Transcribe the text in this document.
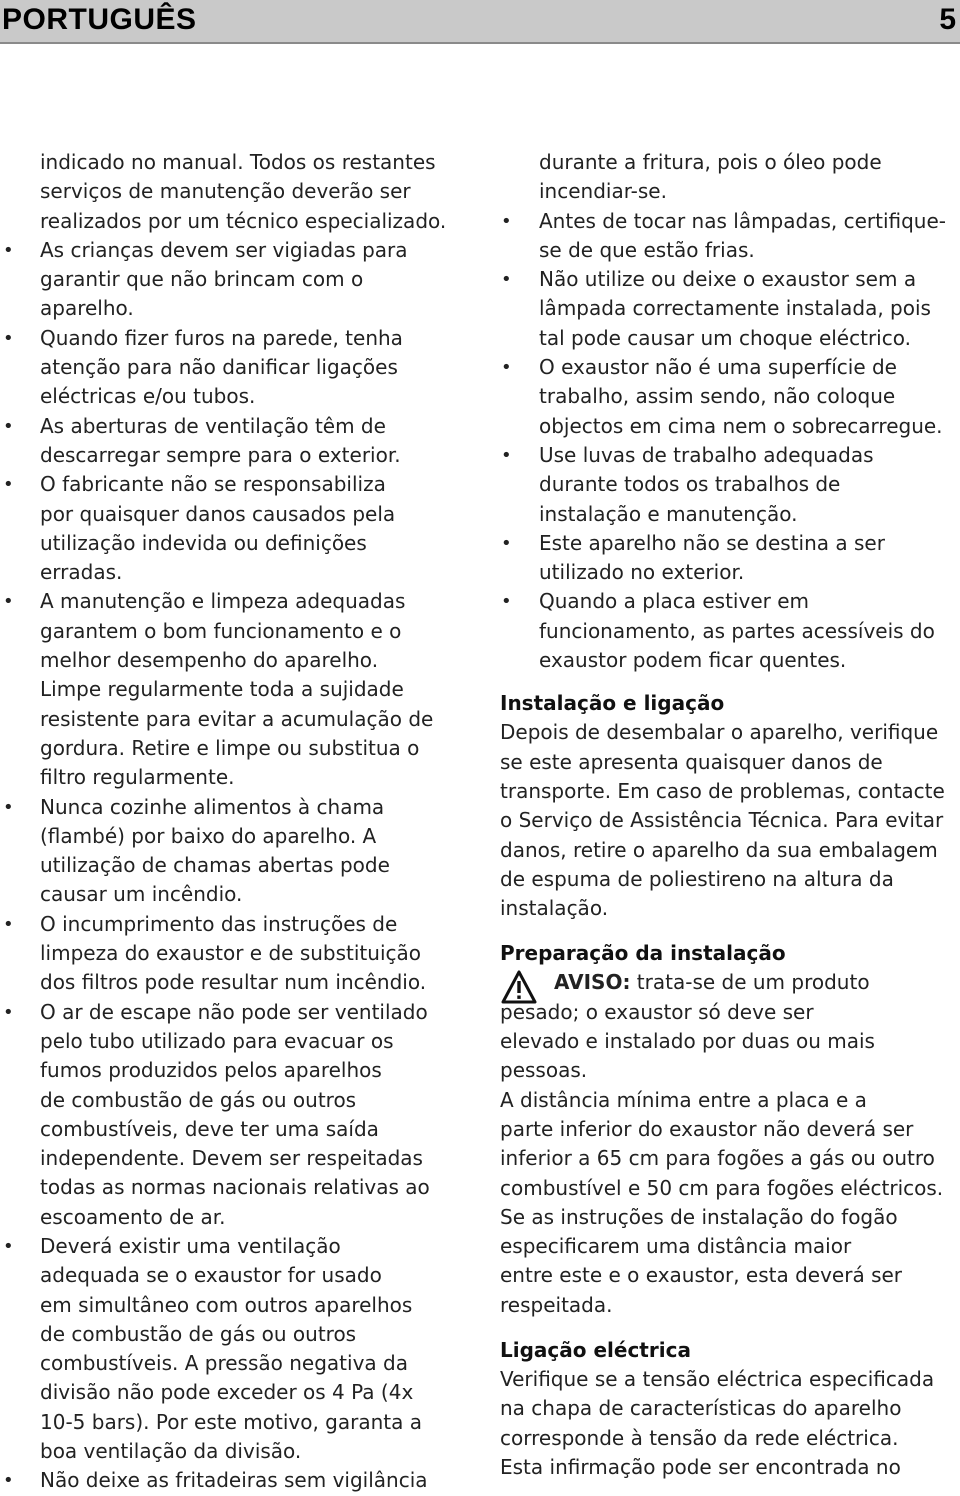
PORTUGUÊS	5
indicado no manual. Todos os restantes
serviços de manutenção deverão ser
realizados por um técnico especializado.
• As crianças devem ser vigiadas para
garantir que não brincam com o
aparelho.
• Quando fizer furos na parede, tenha
atenção para não danificar ligações
eléctricas e/ou tubos.
• As aberturas de ventilação têm de
descarregar sempre para o exterior.
• O fabricante não se responsabiliza
por quaisquer danos causados pela
utilização indevida ou definições
erradas.
• A manutenção e limpeza adequadas
garantem o bom funcionamento e o
melhor desempenho do aparelho.
Limpe regularmente toda a sujidade
resistente para evitar a acumulação de
gordura. Retire e limpe ou substitua o
filtro regularmente.
• Nunca cozinhe alimentos à chama
(flambé) por baixo do aparelho. A
utilização de chamas abertas pode
causar um incêndio.
• O incumprimento das instruções de
limpeza do exaustor e de substituição
dos filtros pode resultar num incêndio.
• O ar de escape não pode ser ventilado
pelo tubo utilizado para evacuar os
fumos produzidos pelos aparelhos
de combustão de gás ou outros
combustíveis, deve ter uma saída
independente. Devem ser respeitadas
todas as normas nacionais relativas ao
escoamento de ar.
• Deverá existir uma ventilação
adequada se o exaustor for usado
em simultâneo com outros aparelhos
de combustão de gás ou outros
combustíveis. A pressão negativa da
divisão não pode exceder os 4 Pa (4x
10-5 bars). Por este motivo, garanta a
boa ventilação da divisão.
• Não deixe as fritadeiras sem vigilância
durante a fritura, pois o óleo pode
incendiar-se.
• Antes de tocar nas lâmpadas, certifique-
se de que estão frias.
• Não utilize ou deixe o exaustor sem a
lâmpada correctamente instalada, pois
tal pode causar um choque eléctrico.
• O exaustor não é uma superfície de
trabalho, assim sendo, não coloque
objectos em cima nem o sobrecarregue.
• Use luvas de trabalho adequadas
durante todos os trabalhos de
instalação e manutenção.
• Este aparelho não se destina a ser
utilizado no exterior.
• Quando a placa estiver em
funcionamento, as partes acessíveis do
exaustor podem ficar quentes.
Instalação e ligação
Depois de desembalar o aparelho, verifique
se este apresenta quaisquer danos de
transporte. Em caso de problemas, contacte
o Serviço de Assistência Técnica. Para evitar
danos, retire o aparelho da sua embalagem
de espuma de poliestireno na altura da
instalação.
Preparação da instalação
AVISO: trata-se de um produto
pesado; o exaustor só deve ser
elevado e instalado por duas ou mais
pessoas.
A distância mínima entre a placa e a
parte inferior do exaustor não deverá ser
inferior a 65 cm para fogões a gás ou outro
combustível e 50 cm para fogões eléctricos.
Se as instruções de instalação do fogão
especificarem uma distância maior
entre este e o exaustor, esta deverá ser
respeitada.
Ligação eléctrica
Verifique se a tensão eléctrica especificada
na chapa de características do aparelho
corresponde à tensão da rede eléctrica.
Esta infirmação pode ser encontrada no
